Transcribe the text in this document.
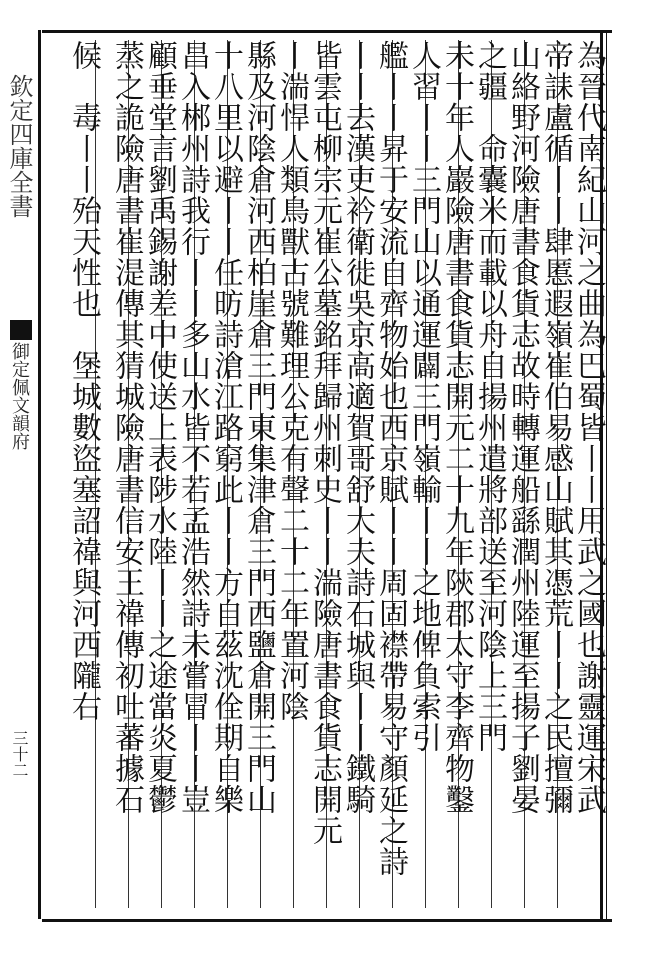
欽定四庫全書
御定佩文韻府
三十二	為晉代南紀山河之曲為巴蜀皆丨丨用武之國也謝靈運宋武
帝誄盧循丨丨肆慝遐嶺崔伯易感山賦其憑荒丨丨之民擅彌
山絡野河險唐書食貨志故時轉運船繇潤州陸運至揚子劉晏
之疆　命囊米而載以舟自揚州遣將部送至河陰上三門
未十年人巖險唐書食貨志開元二十九年陝郡太守李齊物鑿
人習丨丨三門山以通運闢三門嶺輸丨丨之地俾負索引
艦丨丨昇于安流自齊物始也西京賦丨丨周固襟帶易守顏延之詩
丨丨去漢吏衿衛徙吳京高適賀哥舒大夫詩石城與丨丨鐵騎
皆雲屯柳宗元崔公墓銘拜歸州刺史丨丨湍險唐書食貨志開元
丨湍悍人類鳥獸古號難理公克有聲二十二年置河陰
縣及河陰倉河西柏崖倉三門東集津倉三門西鹽倉開三門山
十八里以避丨丨任昉詩滄江路窮此丨丨方自茲沈佺期自樂
昌入郴州詩我行丨丨多山水皆不若孟浩然詩未嘗冒丨丨豈
顧垂堂言劉禹錫謝差中使送上表陟水陸丨丨之途當炎夏鬱
蒸之詭險唐書崔湜傳其猜城險唐書信安王禕傳初吐蕃據石
候　毒丨丨殆天性也　堡城數盜塞詔禕與河西隴右
